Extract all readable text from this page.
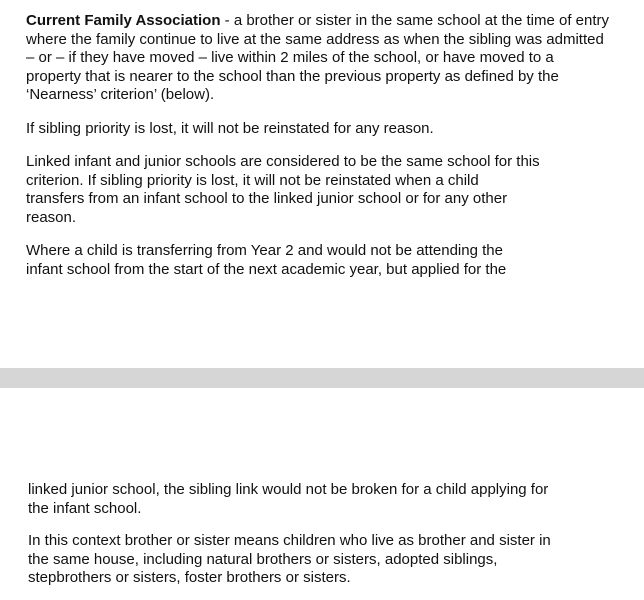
Current Family Association - a brother or sister in the same school at the time of entry where the family continue to live at the same address as when the sibling was admitted – or – if they have moved – live within 2 miles of the school, or have moved to a property that is nearer to the school than the previous property as defined by the ‘Nearness’ criterion’ (below).

If sibling priority is lost, it will not be reinstated for any reason.

Linked infant and junior schools are considered to be the same school for this criterion. If sibling priority is lost, it will not be reinstated when a child transfers from an infant school to the linked junior school or for any other reason.

Where a child is transferring from Year 2 and would not be attending the infant school from the start of the next academic year, but applied for the

linked junior school, the sibling link would not be broken for a child applying for the infant school.

In this context brother or sister means children who live as brother and sister in the same house, including natural brothers or sisters, adopted siblings, stepbrothers or sisters, foster brothers or sisters.
